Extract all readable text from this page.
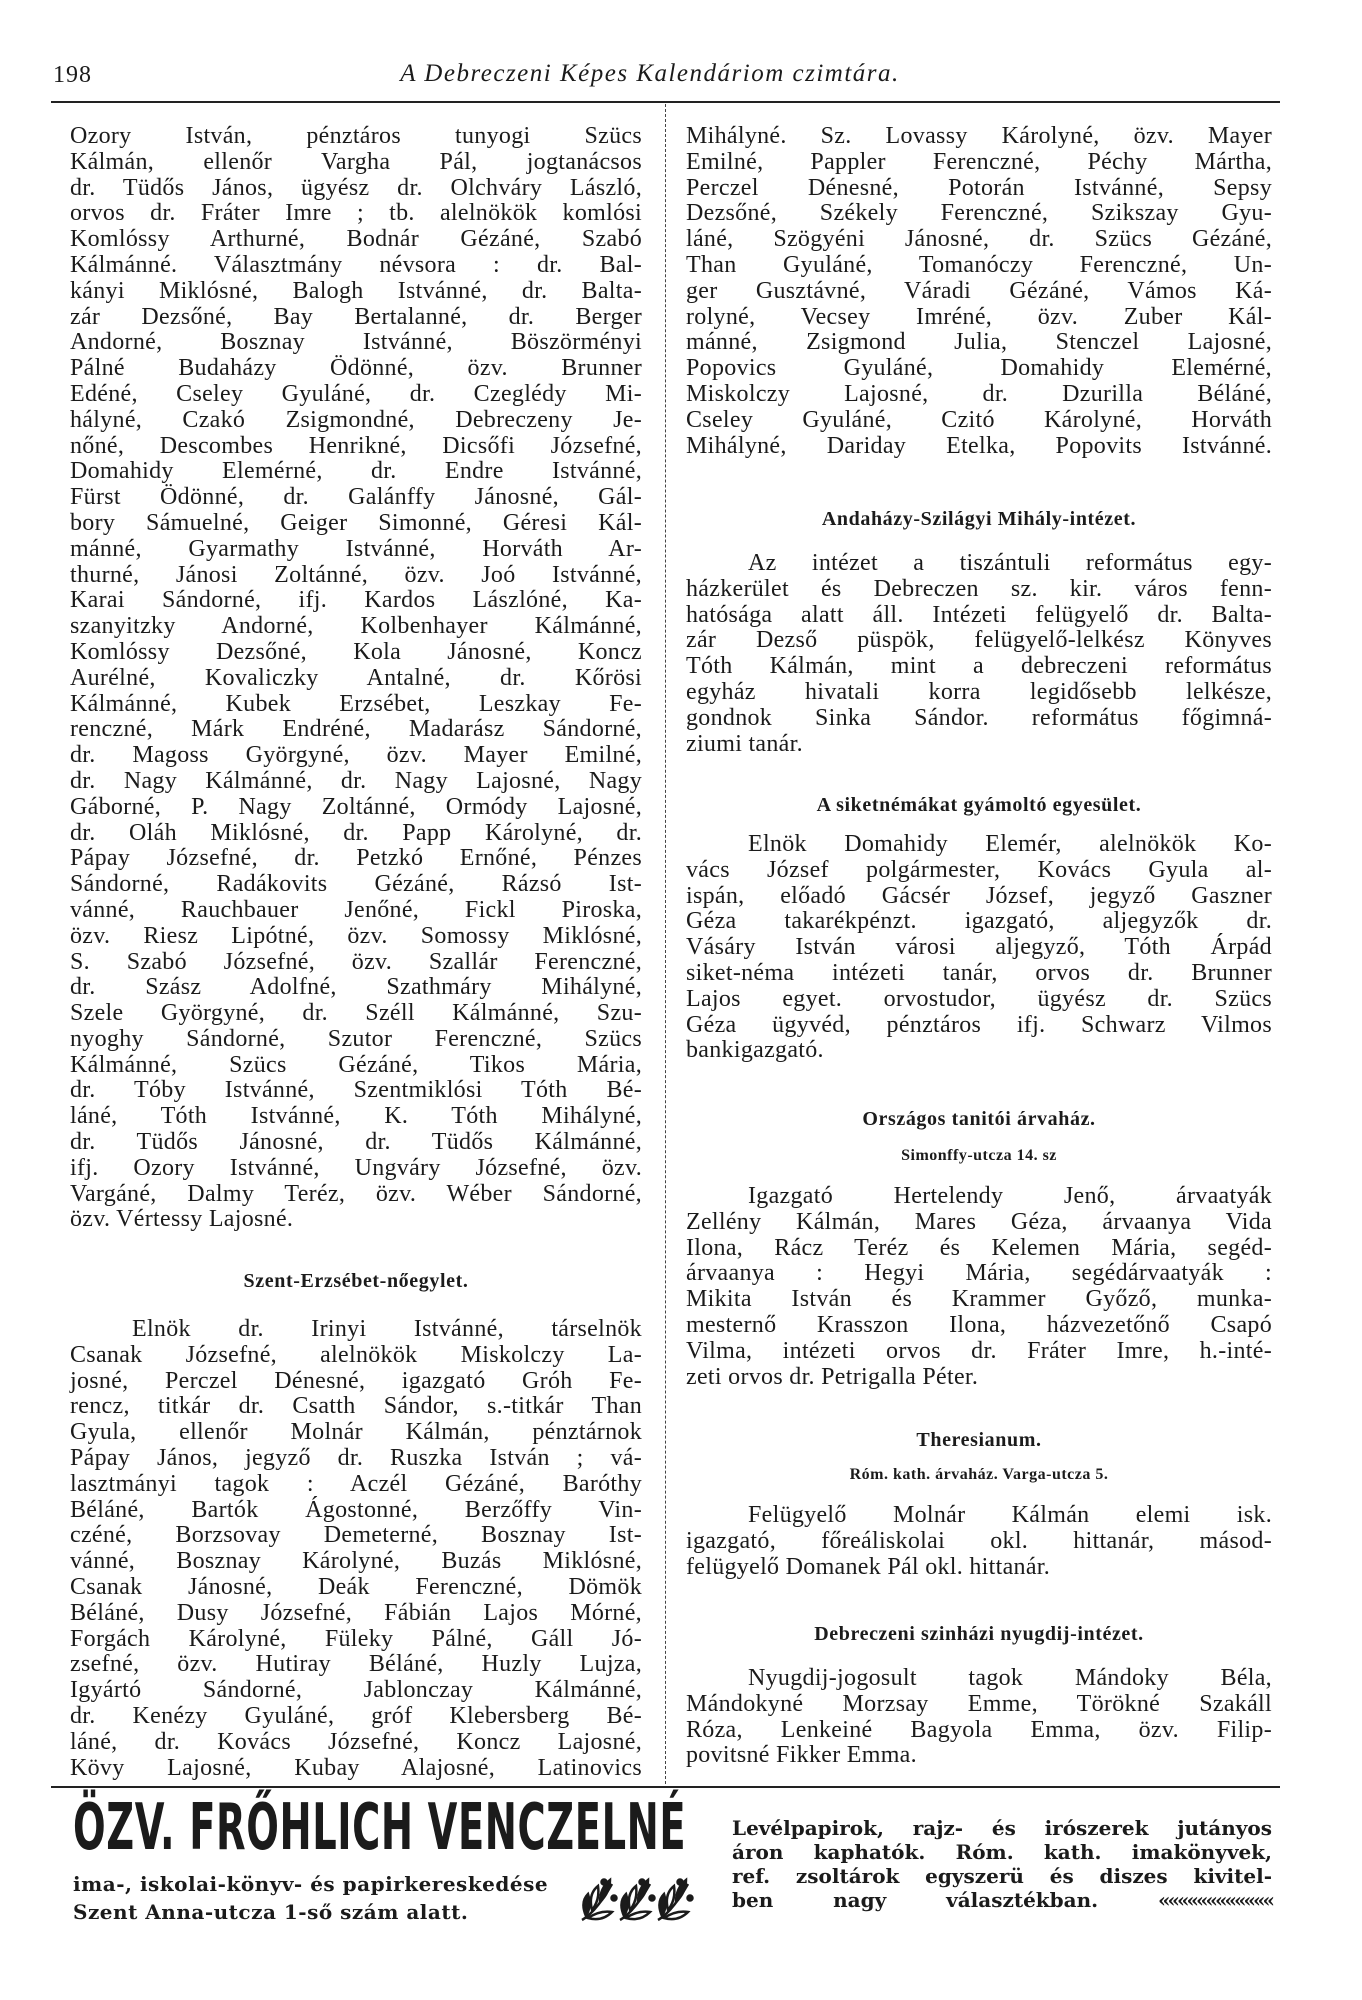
198	A Debreczeni Képes Kalendáriom czimtára.
Ozory István, pénztáros tunyogi Szücs
Kálmán, ellenőr Vargha Pál, jogtanácsos
dr. Tüdős János, ügyész dr. Olchváry László,
orvos dr. Fráter Imre ; tb. alelnökök komlósi
Komlóssy Arthurné, Bodnár Gézáné, Szabó
Kálmánné. Választmány névsora : dr. Bal-
kányi Miklósné, Balogh Istvánné, dr. Balta-
zár Dezsőné, Bay Bertalanné, dr. Berger
Andorné, Bosznay Istvánné, Böszörményi
Pálné Budaházy Ödönné, özv. Brunner
Edéné, Cseley Gyuláné, dr. Czeglédy Mi-
hályné, Czakó Zsigmondné, Debreczeny Je-
nőné, Descombes Henrikné, Dicsőfi Józsefné,
Domahidy Elemérné, dr. Endre Istvánné,
Fürst Ödönné, dr. Galánffy Jánosné, Gál-
bory Sámuelné, Geiger Simonné, Géresi Kál-
mánné, Gyarmathy Istvánné, Horváth Ar-
thurné, Jánosi Zoltánné, özv. Joó Istvánné,
Karai Sándorné, ifj. Kardos Lászlóné, Ka-
szanyitzky Andorné, Kolbenhayer Kálmánné,
Komlóssy Dezsőné, Kola Jánosné, Koncz
Aurélné, Kovaliczky Antalné, dr. Kőrösi
Kálmánné, Kubek Erzsébet, Leszkay Fe-
renczné, Márk Endréné, Madarász Sándorné,
dr. Magoss Györgyné, özv. Mayer Emilné,
dr. Nagy Kálmánné, dr. Nagy Lajosné, Nagy
Gáborné, P. Nagy Zoltánné, Ormódy Lajosné,
dr. Oláh Miklósné, dr. Papp Károlyné, dr.
Pápay Józsefné, dr. Petzkó Ernőné, Pénzes
Sándorné, Radákovits Gézáné, Rázsó Ist-
vánné, Rauchbauer Jenőné, Fickl Piroska,
özv. Riesz Lipótné, özv. Somossy Miklósné,
S. Szabó Józsefné, özv. Szallár Ferenczné,
dr. Szász Adolfné, Szathmáry Mihályné,
Szele Györgyné, dr. Széll Kálmánné, Szu-
nyoghy Sándorné, Szutor Ferenczné, Szücs
Kálmánné, Szücs Gézáné, Tikos Mária,
dr. Tóby Istvánné, Szentmiklósi Tóth Bé-
láné, Tóth Istvánné, K. Tóth Mihályné,
dr. Tüdős Jánosné, dr. Tüdős Kálmánné,
ifj. Ozory Istvánné, Ungváry Józsefné, özv.
Vargáné, Dalmy Teréz, özv. Wéber Sándorné,
özv. Vértessy Lajosné.
Szent-Erzsébet-nőegylet.
Elnök dr. Irinyi Istvánné, társelnök
Csanak Józsefné, alelnökök Miskolczy La-
josné, Perczel Dénesné, igazgató Gróh Fe-
rencz, titkár dr. Csatth Sándor, s.-titkár Than
Gyula, ellenőr Molnár Kálmán, pénztárnok
Pápay János, jegyző dr. Ruszka István ; vá-
lasztmányi tagok : Aczél Gézáné, Baróthy
Béláné, Bartók Ágostonné, Berzőffy Vin-
czéné, Borzsovay Demeterné, Bosznay Ist-
vánné, Bosznay Károlyné, Buzás Miklósné,
Csanak Jánosné, Deák Ferenczné, Dömök
Béláné, Dusy Józsefné, Fábián Lajos Mórné,
Forgách Károlyné, Füleky Pálné, Gáll Jó-
zsefné, özv. Hutiray Béláné, Huzly Lujza,
Igyártó Sándorné, Jablonczay Kálmánné,
dr. Kenézy Gyuláné, gróf Klebersberg Bé-
láné, dr. Kovács Józsefné, Koncz Lajosné,
Kövy Lajosné, Kubay Alajosné, Latinovics
Mihályné. Sz. Lovassy Károlyné, özv. Mayer
Emilné, Pappler Ferenczné, Péchy Mártha,
Perczel Dénesné, Potorán Istvánné, Sepsy
Dezsőné, Székely Ferenczné, Szikszay Gyu-
láné, Szögyéni Jánosné, dr. Szücs Gézáné,
Than Gyuláné, Tomanóczy Ferenczné, Un-
ger Gusztávné, Váradi Gézáné, Vámos Ká-
rolyné, Vecsey Imréné, özv. Zuber Kál-
mánné, Zsigmond Julia, Stenczel Lajosné,
Popovics Gyuláné, Domahidy Elemérné,
Miskolczy Lajosné, dr. Dzurilla Béláné,
Cseley Gyuláné, Czitó Károlyné, Horváth
Mihályné, Dariday Etelka, Popovits Istvánné.
Andaházy-Szilágyi Mihály-intézet.
Az intézet a tiszántuli református egy-
házkerület és Debreczen sz. kir. város fenn-
hatósága alatt áll. Intézeti felügyelő dr. Balta-
zár Dezső püspök, felügyelő-lelkész Könyves
Tóth Kálmán, mint a debreczeni református
egyház hivatali korra legidősebb lelkésze,
gondnok Sinka Sándor. református főgimná-
ziumi tanár.
A siketnémákat gyámoltó egyesület.
Elnök Domahidy Elemér, alelnökök Ko-
vács József polgármester, Kovács Gyula al-
ispán, előadó Gácsér József, jegyző Gaszner
Géza takarékpénzt. igazgató, aljegyzők dr.
Vásáry István városi aljegyző, Tóth Árpád
siket-néma intézeti tanár, orvos dr. Brunner
Lajos egyet. orvostudor, ügyész dr. Szücs
Géza ügyvéd, pénztáros ifj. Schwarz Vilmos
bankigazgató.
Országos tanitói árvaház.
Simonffy-utcza 14. sz
Igazgató Hertelendy Jenő, árvaatyák
Zellény Kálmán, Mares Géza, árvaanya Vida
Ilona, Rácz Teréz és Kelemen Mária, segéd-
árvaanya : Hegyi Mária, segédárvaatyák :
Mikita István és Krammer Győző, munka-
mesternő Krasszon Ilona, házvezetőnő Csapó
Vilma, intézeti orvos dr. Fráter Imre, h.-inté-
zeti orvos dr. Petrigalla Péter.
Theresianum.
Róm. kath. árvaház. Varga-utcza 5.
Felügyelő Molnár Kálmán elemi isk.
igazgató, főreáliskolai okl. hittanár, másod-
felügyelő Domanek Pál okl. hittanár.
Debreczeni szinházi nyugdij-intézet.
Nyugdij-jogosult tagok Mándoky Béla,
Mándokyné Morzsay Emme, Törökné Szakáll
Róza, Lenkeiné Bagyola Emma, özv. Filip-
povitsné Fikker Emma.
ÖZV. FRŐHLICH VENCZELNÉ
ima-, iskolai-könyv- és papirkereskedése
Szent Anna-utcza 1-ső szám alatt.
Levélpapirok, rajz- és irószerek jutányos
áron kaphatók. Róm. kath. imakönyvek,
ref. zsoltárok egyszerü és diszes kivitel-
ben nagy választékban.	««««««««««««
